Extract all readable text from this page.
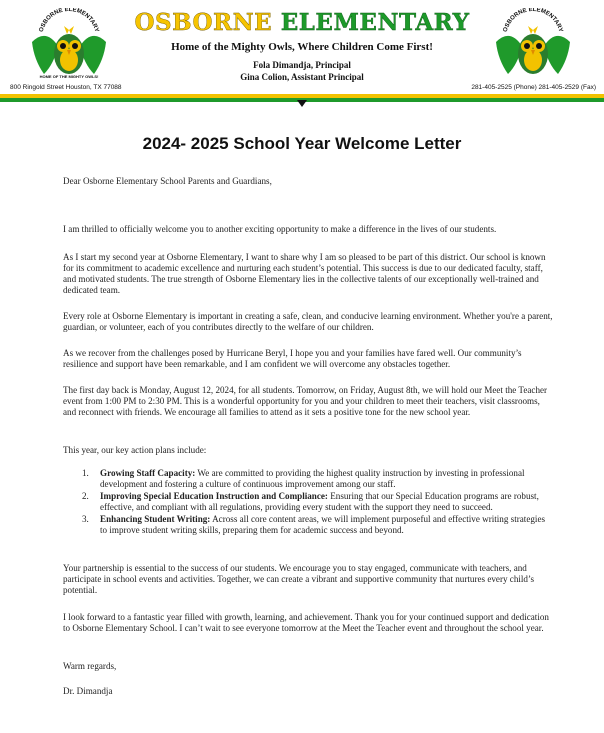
OSBORNE ELEMENTARY
HOME OF THE MIGHTY OWLS!
OSBORNE ELEMENTARY
Home of the Mighty Owls, Where Children Come First!
Fola Dimandja, Principal
Gina Colion, Assistant Principal
800 Ringold Street Houston, TX 77088	281-405-2525 (Phone) 281-405-2529 (Fax)
OSBORNE ELEMENTARY
2024- 2025 School Year Welcome Letter

Dear Osborne Elementary School Parents and Guardians,

I am thrilled to officially welcome you to another exciting opportunity to make a difference in the lives of our students.

As I start my second year at Osborne Elementary, I want to share why I am so pleased to be part of this district. Our school is known for its commitment to academic excellence and nurturing each student’s potential. This success is due to our dedicated faculty, staff, and motivated students. The true strength of Osborne Elementary lies in the collective talents of our exceptionally well-trained and dedicated team.

Every role at Osborne Elementary is important in creating a safe, clean, and conducive learning environment. Whether you're a parent, guardian, or volunteer, each of you contributes directly to the welfare of our children.

As we recover from the challenges posed by Hurricane Beryl, I hope you and your families have fared well. Our community’s resilience and support have been remarkable, and I am confident we will overcome any obstacles together.

The first day back is Monday, August 12, 2024, for all students. Tomorrow, on Friday, August 8th, we will hold our Meet the Teacher event from 1:00 PM to 2:30 PM. This is a wonderful opportunity for you and your children to meet their teachers, visit classrooms, and reconnect with friends. We encourage all families to attend as it sets a positive tone for the new school year.

This year, our key action plans include:

1. Growing Staff Capacity: We are committed to providing the highest quality instruction by investing in professional development and fostering a culture of continuous improvement among our staff.
2. Improving Special Education Instruction and Compliance: Ensuring that our Special Education programs are robust, effective, and compliant with all regulations, providing every student with the support they need to succeed.
3. Enhancing Student Writing: Across all core content areas, we will implement purposeful and effective writing strategies to improve student writing skills, preparing them for academic success and beyond.

Your partnership is essential to the success of our students. We encourage you to stay engaged, communicate with teachers, and participate in school events and activities. Together, we can create a vibrant and supportive community that nurtures every child’s potential.

I look forward to a fantastic year filled with growth, learning, and achievement. Thank you for your continued support and dedication to Osborne Elementary School. I can’t wait to see everyone tomorrow at the Meet the Teacher event and throughout the school year.

Warm regards,

Dr. Dimandja
